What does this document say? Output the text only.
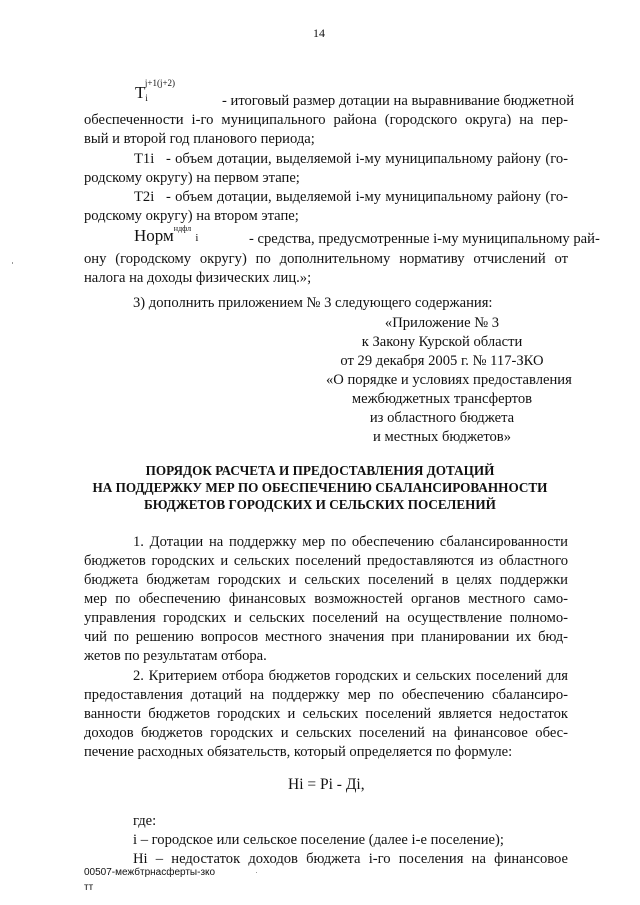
14
$Ti^{j+1(j+2)}$
- итоговый размер дотации на выравнивание бюджетной
обеспеченности i-го муниципального района (городского округа) на пер-
вый и второй год планового периода;
T1i - объем дотации, выделяемой i-му муниципальному району (го-
родскому округу) на первом этапе;
T2i - объем дотации, выделяемой i-му муниципальному району (го-
родскому округу) на втором этапе;
Норм$^{ндфл}$ i	- средства, предусмотренные i-му муниципальному рай-
ону (городскому округу) по дополнительному нормативу отчислений от
налога на доходы физических лиц.»;
3) дополнить приложением № 3 следующего содержания:
«Приложение № 3
к Закону Курской области
от 29 декабря 2005 г. № 117-ЗКО
«О порядке и условиях предоставления
межбюджетных трансфертов
из областного бюджета
и местных бюджетов»
ПОРЯДОК РАСЧЕТА И ПРЕДОСТАВЛЕНИЯ ДОТАЦИЙ
НА ПОДДЕРЖКУ МЕР ПО ОБЕСПЕЧЕНИЮ СБАЛАНСИРОВАННОСТИ
БЮДЖЕТОВ ГОРОДСКИХ И СЕЛЬСКИХ ПОСЕЛЕНИЙ
1. Дотации на поддержку мер по обеспечению сбалансированности
бюджетов городских и сельских поселений предоставляются из областного
бюджета бюджетам городских и сельских поселений в целях поддержки
мер по обеспечению финансовых возможностей органов местного само-
управления городских и сельских поселений на осуществление полномо-
чий по решению вопросов местного значения при планировании их бюд-
жетов по результатам отбора.
2. Критерием отбора бюджетов городских и сельских поселений для
предоставления дотаций на поддержку мер по обеспечению сбалансиро-
ванности бюджетов городских и сельских поселений является недостаток
доходов бюджетов городских и сельских поселений на финансовое обес-
печение расходных обязательств, который определяется по формуле:
Hi = Pi - Дi,
где:
i – городское или сельское поселение (далее i-е поселение);
Hi – недостаток доходов бюджета i-го поселения на финансовое
00507-межбтрнасферты-зко
тт
